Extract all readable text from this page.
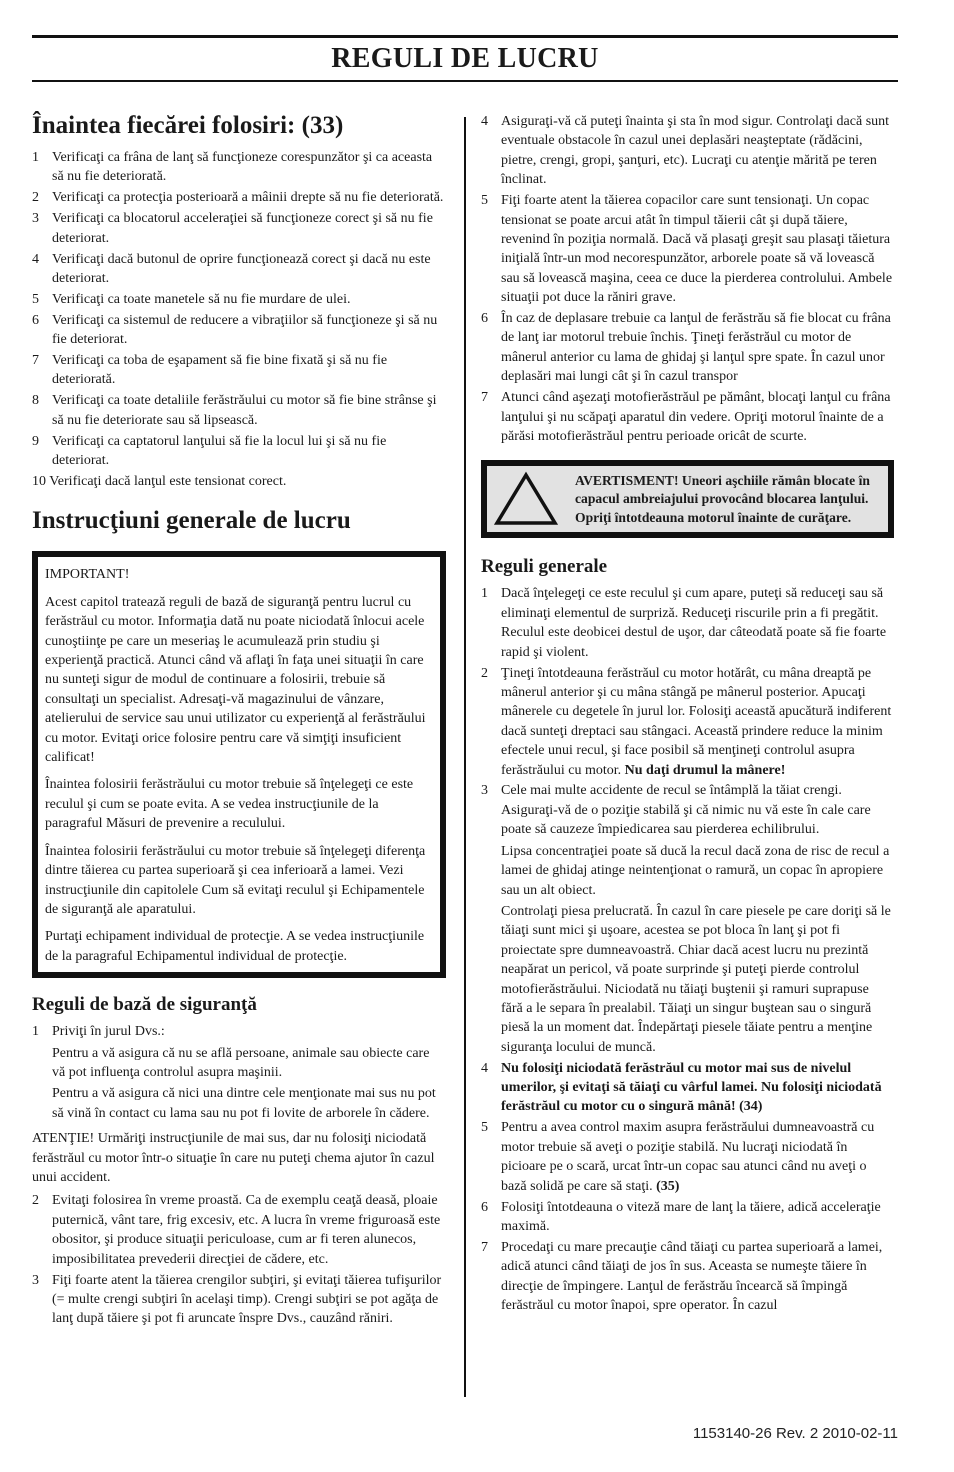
REGULI DE LUCRU
Înaintea fiecărei folosiri: (33)
1 Verificaţi ca frâna de lanţ să funcţioneze corespunzător şi ca aceasta să nu fie deteriorată.
2 Verificaţi ca protecţia posterioară a mâinii drepte să nu fie deteriorată.
3 Verificaţi ca blocatorul acceleraţiei să funcţioneze corect şi să nu fie deteriorat.
4 Verificaţi dacă butonul de oprire funcţionează corect şi dacă nu este deteriorat.
5 Verificaţi ca toate manetele să nu fie murdare de ulei.
6 Verificaţi ca sistemul de reducere a vibraţiilor să funcţioneze şi să nu fie deteriorat.
7 Verificaţi ca toba de eşapament să fie bine fixată şi să nu fie deteriorată.
8 Verificaţi ca toate detaliile ferăstrăului cu motor să fie bine strânse şi să nu fie deteriorate sau să lipsească.
9 Verificaţi ca captatorul lanţului să fie la locul lui şi să nu fie deteriorat.
10 Verificaţi dacă lanţul este tensionat corect.
Instrucţiuni generale de lucru

IMPORTANT!

Acest capitol tratează reguli de bază de siguranţă pentru lucrul cu ferăstrăul cu motor. Informaţia dată nu poate niciodată înlocui acele cunoştiinţe pe care un meseriaş le acumulează prin studiu şi experienţă practică. Atunci când vă aflaţi în faţa unei situaţii în care nu sunteţi sigur de modul de continuare a folosirii, trebuie să consultaţi un specialist. Adresaţi-vă magazinului de vânzare, atelierului de service sau unui utilizator cu experienţă al ferăstrăului cu motor. Evitaţi orice folosire pentru care vă simţiţi insuficient calificat!

Înaintea folosirii ferăstrăului cu motor trebuie să înţelegeţi ce este reculul şi cum se poate evita. A se vedea instrucţiunile de la paragraful Măsuri de prevenire a reculului.

Înaintea folosirii ferăstrăului cu motor trebuie să înţelegeţi diferenţa dintre tăierea cu partea superioară şi cea inferioară a lamei. Vezi instrucţiunile din capitolele Cum să evitaţi reculul şi Echipamentele de siguranţă ale aparatului.

Purtaţi echipament individual de protecţie. A se vedea instrucţiunile de la paragraful Echipamentul individual de protecţie.

Reguli de bază de siguranţă
1 Priviţi în jurul Dvs.:
Pentru a vă asigura că nu se află persoane, animale sau obiecte care vă pot influenţa controlul asupra maşinii.
Pentru a vă asigura că nici una dintre cele menţionate mai sus nu pot să vină în contact cu lama sau nu pot fi lovite de arborele în cădere.

ATENŢIE! Urmăriţi instrucţiunile de mai sus, dar nu folosiţi niciodată ferăstrăul cu motor într-o situaţie în care nu puteţi chema ajutor în cazul unui accident.

2 Evitaţi folosirea în vreme proastă. Ca de exemplu ceaţă deasă, ploaie puternică, vânt tare, frig excesiv, etc. A lucra în vreme friguroasă este obositor, şi produce situaţii periculoase, cum ar fi teren alunecos, imposibilitatea prevederii direcţiei de cădere, etc.
3 Fiţi foarte atent la tăierea crengilor subţiri, şi evitaţi tăierea tufişurilor (= multe crengi subţiri în acelaşi timp). Crengi subţiri se pot agăţa de lanţ după tăiere şi pot fi aruncate înspre Dvs., cauzând răniri.
4 Asiguraţi-vă că puteţi înainta şi sta în mod sigur. Controlaţi dacă sunt eventuale obstacole în cazul unei deplasări neaşteptate (rădăcini, pietre, crengi, gropi, şanţuri, etc). Lucraţi cu atenţie mărită pe teren înclinat.
5 Fiţi foarte atent la tăierea copacilor care sunt tensionaţi. Un copac tensionat se poate arcui atât în timpul tăierii cât şi după tăiere, revenind în poziţia normală. Dacă vă plasaţi greşit sau plasaţi tăietura iniţială într-un mod necorespunzător, arborele poate să vă lovească sau să lovească maşina, ceea ce duce la pierderea controlului. Ambele situaţii pot duce la răniri grave.
6 În caz de deplasare trebuie ca lanţul de ferăstrău să fie blocat cu frâna de lanţ iar motorul trebuie închis. Ţineţi ferăstrăul cu motor de mânerul anterior cu lama de ghidaj şi lanţul spre spate. În cazul unor deplasări mai lungi cât şi în cazul transpor
7 Atunci când aşezaţi motofierăstrăul pe pământ, blocaţi lanţul cu frâna lanţului şi nu scăpaţi aparatul din vedere. Opriţi motorul înainte de a părăsi motofierăstrăul pentru perioade oricât de scurte.
AVERTISMENT! Uneori aşchiile rămân blocate în capacul ambreiajului provocând blocarea lanţului. Opriţi întotdeauna motorul înainte de curăţare.
Reguli generale
1 Dacă înţelegeţi ce este reculul şi cum apare, puteţi să reduceţi sau să eliminaţi elementul de surpriză. Reduceţi riscurile prin a fi pregătit. Reculul este deobicei destul de uşor, dar câteodată poate să fie foarte rapid şi violent.
2 Ţineţi întotdeauna ferăstrăul cu motor hotărât, cu mâna dreaptă pe mânerul anterior şi cu mâna stângă pe mânerul posterior. Apucaţi mânerele cu degetele în jurul lor. Folosiţi această apucătură indiferent dacă sunteţi dreptaci sau stângaci. Această prindere reduce la minim efectele unui recul, şi face posibil să menţineţi controlul asupra ferăstrăului cu motor. Nu daţi drumul la mânere!
3 Cele mai multe accidente de recul se întâmplă la tăiat crengi. Asiguraţi-vă de o poziţie stabilă şi că nimic nu vă este în cale care poate să cauzeze împiedicarea sau pierderea echilibrului.
Lipsa concentraţiei poate să ducă la recul dacă zona de risc de recul a lamei de ghidaj atinge neintenţionat o ramură, un copac în apropiere sau un alt obiect.
Controlaţi piesa prelucrată. În cazul în care piesele pe care doriţi să le tăiaţi sunt mici şi uşoare, acestea se pot bloca în lanţ şi pot fi proiectate spre dumneavoastră. Chiar dacă acest lucru nu prezintă neapărat un pericol, vă poate surprinde şi puteţi pierde controlul motofierăstrăului. Niciodată nu tăiaţi buştenii şi ramuri suprapuse fără a le separa în prealabil. Tăiaţi un singur buştean sau o singură piesă la un moment dat. Îndepărtaţi piesele tăiate pentru a menţine siguranţa locului de muncă.
4 Nu folosiţi niciodată ferăstrăul cu motor mai sus de nivelul umerilor, şi evitaţi să tăiaţi cu vârful lamei. Nu folosiţi niciodată ferăstrăul cu motor cu o singură mână! (34)
5 Pentru a avea control maxim asupra ferăstrăului dumneavoastră cu motor trebuie să aveţi o poziţie stabilă. Nu lucraţi niciodată în picioare pe o scară, urcat într-un copac sau atunci când nu aveţi o bază solidă pe care să staţi. (35)
6 Folosiţi întotdeauna o viteză mare de lanţ la tăiere, adică acceleraţie maximă.
7 Procedaţi cu mare precauţie când tăiaţi cu partea superioară a lamei, adică atunci când tăiaţi de jos în sus. Aceasta se numeşte tăiere în direcţie de împingere. Lanţul de ferăstrău încearcă să împingă ferăstrăul cu motor înapoi, spre operator. În cazul
1153140-26 Rev. 2 2010-02-11
